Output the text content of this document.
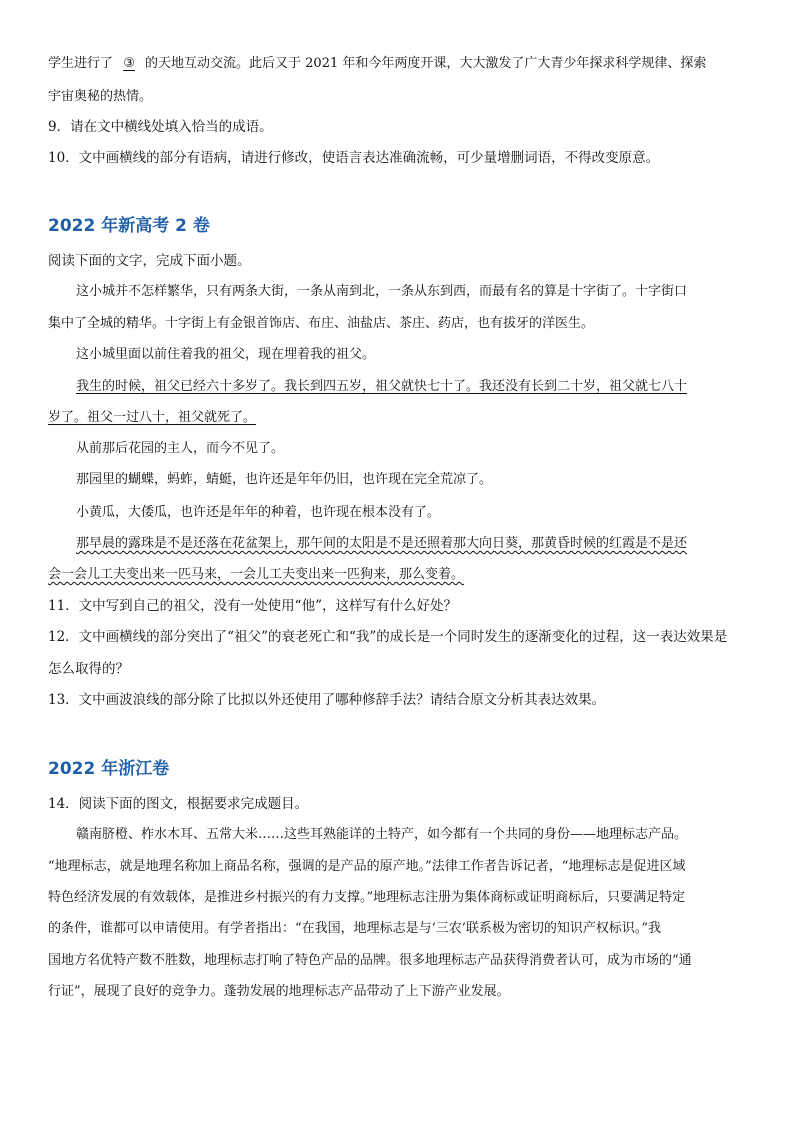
学生进行了 ③ 的天地互动交流。此后又于 2021 年和今年两度开课，大大激发了广大青少年探求科学规律、探索
宇宙奥秘的热情。
9．请在文中横线处填入恰当的成语。
10．文中画横线的部分有语病，请进行修改，使语言表达准确流畅，可少量增删词语，不得改变原意。
2022 年新高考 2 卷
阅读下面的文字，完成下面小题。
这小城并不怎样繁华，只有两条大街，一条从南到北，一条从东到西，而最有名的算是十字街了。十字街口
集中了全城的精华。十字街上有金银首饰店、布庄、油盐店、茶庄、药店，也有拔牙的洋医生。
这小城里面以前住着我的祖父，现在埋着我的祖父。
我生的时候，祖父已经六十多岁了。我长到四五岁，祖父就快七十了。我还没有长到二十岁，祖父就七八十
岁了。祖父一过八十，祖父就死了。
从前那后花园的主人，而今不见了。
那园里的蝴蝶，蚂蚱，蜻蜓，也许还是年年仍旧，也许现在完全荒凉了。
小黄瓜，大倭瓜，也许还是年年的种着，也许现在根本没有了。
那早晨的露珠是不是还落在花盆架上，那午间的太阳是不是还照着那大向日葵，那黄昏时候的红霞是不是还
会一会儿工夫变出来一匹马来，一会儿工夫变出来一匹狗来，那么变着。
11．文中写到自己的祖父，没有一处使用“他”，这样写有什么好处？
12．文中画横线的部分突出了“祖父”的衰老死亡和“我”的成长是一个同时发生的逐渐变化的过程，这一表达效果是
怎么取得的？
13．文中画波浪线的部分除了比拟以外还使用了哪种修辞手法？请结合原文分析其表达效果。
2022 年浙江卷
14．阅读下面的图文，根据要求完成题目。
赣南脐橙、柞水木耳、五常大米……这些耳熟能详的土特产，如今都有一个共同的身份——地理标志产品。
“地理标志，就是地理名称加上商品名称，强调的是产品的原产地。”法律工作者告诉记者，“地理标志是促进区域
特色经济发展的有效载体，是推进乡村振兴的有力支撑。”地理标志注册为集体商标或证明商标后，只要满足特定
的条件，谁都可以申请使用。有学者指出：“在我国，地理标志是与‘三农’联系极为密切的知识产权标识。”我
国地方名优特产数不胜数，地理标志打响了特色产品的品牌。很多地理标志产品获得消费者认可，成为市场的“通
行证”，展现了良好的竞争力。蓬勃发展的地理标志产品带动了上下游产业发展。
